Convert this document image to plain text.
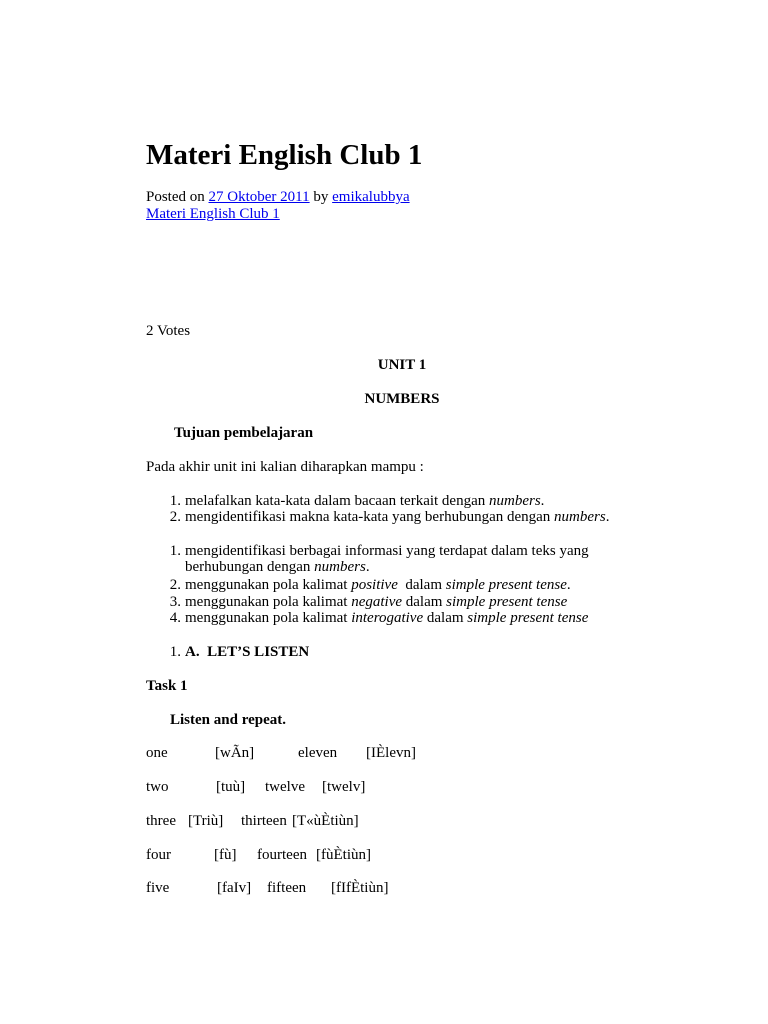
Materi English Club 1
Posted on 27 Oktober 2011 by emikalubbya
Materi English Club 1
2 Votes
UNIT 1
NUMBERS
Tujuan pembelajaran
Pada akhir unit ini kalian diharapkan mampu :
1. melafalkan kata-kata dalam bacaan terkait dengan numbers.
2. mengidentifikasi makna kata-kata yang berhubungan dengan numbers.
1. mengidentifikasi berbagai informasi yang terdapat dalam teks yang
berhubungan dengan numbers.
2. menggunakan pola kalimat positive  dalam simple present tense.
3. menggunakan pola kalimat negative dalam simple present tense
4. menggunakan pola kalimat interogative dalam simple present tense
1. A.  LET’S LISTEN
Task 1
Listen and repeat.
one	[wÃn]	eleven [IÈlevn]
two	[tuù] twelve [twelv]
three [Triù] thirteen [T«ùÈtiùn]
four	[fù] fourteen [fùÈtiùn]
five	[faIv] fifteen [fIfÈtiùn]
